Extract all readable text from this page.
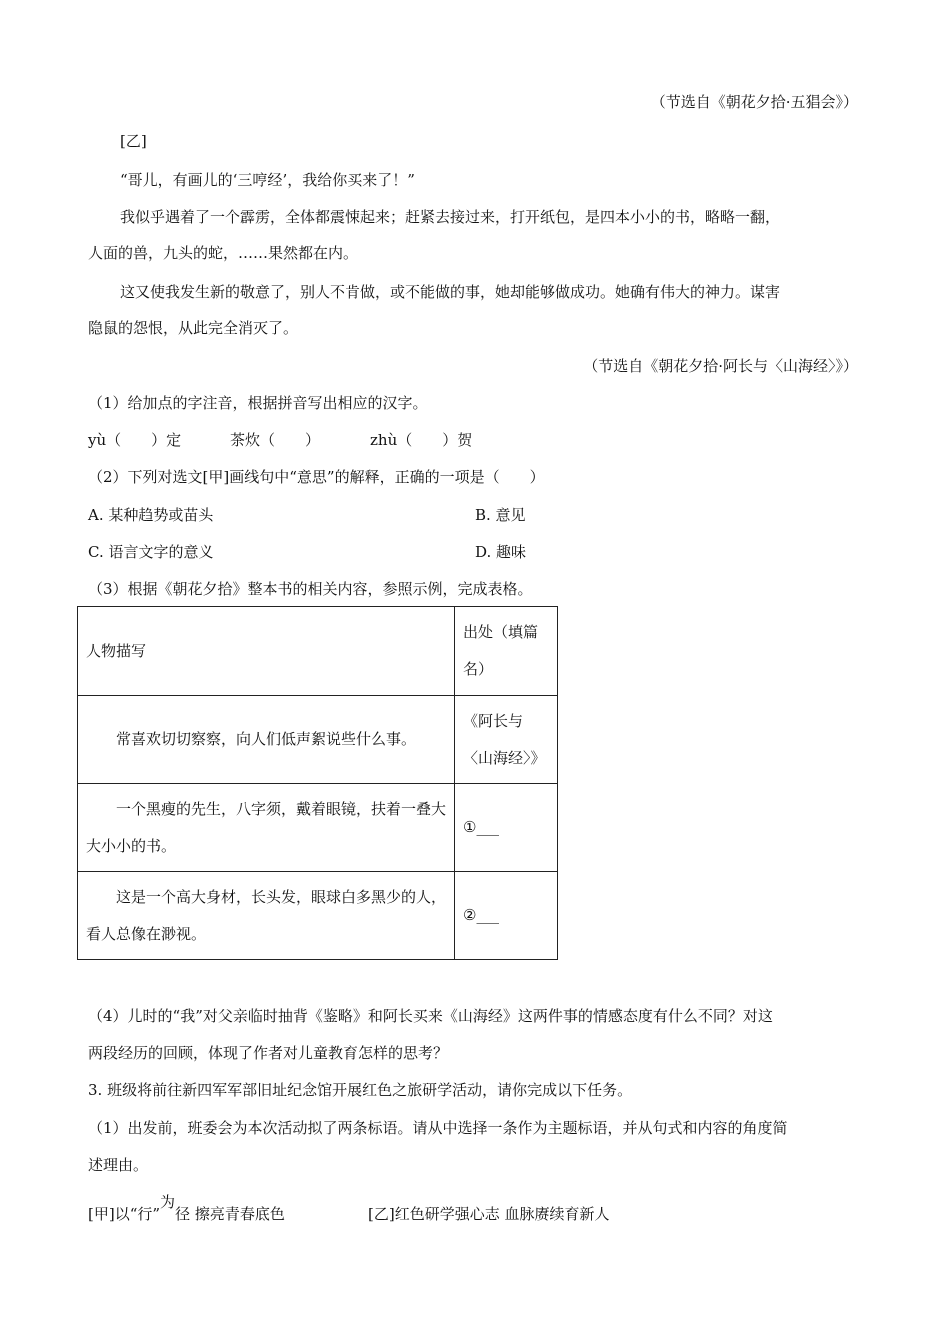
（节选自《朝花夕拾·五猖会》）
[乙]
“哥儿，有画儿的‘三哼经’，我给你买来了！”
我似乎遇着了一个霹雳，全体都震悚起来；赶紧去接过来，打开纸包，是四本小小的书，略略一翻，
人面的兽，九头的蛇，……果然都在内。
这又使我发生新的敬意了，别人不肯做，或不能做的事，她却能够做成功。她确有伟大的神力。谋害
隐鼠的怨恨，从此完全消灭了。
（节选自《朝花夕拾·阿长与〈山海经〉》）
（1）给加点的字注音，根据拼音写出相应的汉字。
yù（　　）定	茶炊（　　）	zhù（　　）贺
（2）下列对选文[甲]画线句中“意思”的解释，正确的一项是（　　）
A. 某种趋势或苗头	B. 意见
C. 语言文字的意义	D. 趣味
（3）根据《朝花夕拾》整本书的相关内容，参照示例，完成表格。
人物描写	出处（填篇名）
常喜欢切切察察，向人们低声絮说些什么事。	《阿长与〈山海经〉》
一个黑瘦的先生，八字须，戴着眼镜，扶着一叠大大小小的书。	①___
这是一个高大身材，长头发，眼球白多黑少的人，看人总像在渺视。	②___
（4）儿时的“我”对父亲临时抽背《鉴略》和阿长买来《山海经》这两件事的情感态度有什么不同？对这
两段经历的回顾，体现了作者对儿童教育怎样的思考？
3. 班级将前往新四军军部旧址纪念馆开展红色之旅研学活动，请你完成以下任务。
（1）出发前，班委会为本次活动拟了两条标语。请从中选择一条作为主题标语，并从句式和内容的角度简
述理由。
[甲]以“行”为径 擦亮青春底色	[乙]红色研学强心志 血脉赓续育新人
